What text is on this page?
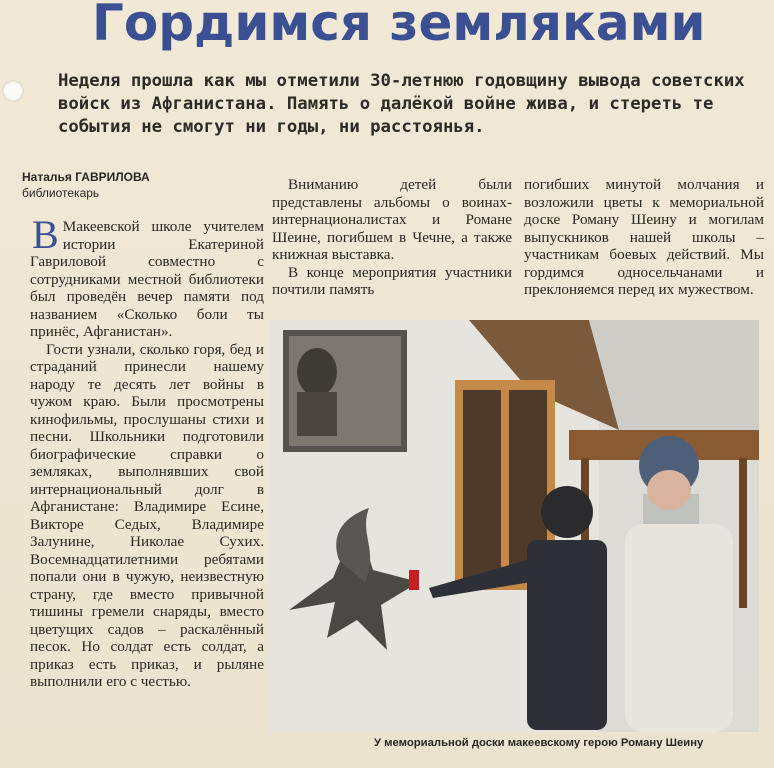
Гордимся земляками
Неделя прошла как мы отметили 30-летнюю годовщину вывода советских войск из Афганистана. Память о далёкой войне жива, и стереть те события не смогут ни годы, ни расстоянья.
Наталья ГАВРИЛОВА
библиотекарь

В Макеевской школе учителем истории Екатериной Гавриловой совместно с сотрудниками местной библиотеки был проведён вечер памяти под названием «Сколько боли ты принёс, Афганистан».

Гости узнали, сколько горя, бед и страданий принесли нашему народу те десять лет войны в чужом краю. Были просмотрены кинофильмы, прослушаны стихи и песни. Школьники подготовили биографические справки о земляках, выполнявших свой интернациональный долг в Афганистане: Владимире Есине, Викторе Седых, Владимире Залунине, Николае Сухих. Восемнадцатилетними ребятами попали они в чужую, неизвестную страну, где вместо привычной тишины гремели снаряды, вместо цветущих садов – раскалённый песок. Но солдат есть солдат, а приказ есть приказ, и рыляне выполнили его с честью.

Вниманию детей были представлены альбомы о воинах-интернационалистах и Романе Шеине, погибшем в Чечне, а также книжная выставка.

В конце мероприятия участники почтили память

погибших минутой молчания и возложили цветы к мемориальной доске Роману Шеину и могилам выпускников нашей школы – участникам боевых действий. Мы гордимся односельчанами и преклоняемся перед их мужеством.

У мемориальной доски макеевскому герою Роману Шеину
